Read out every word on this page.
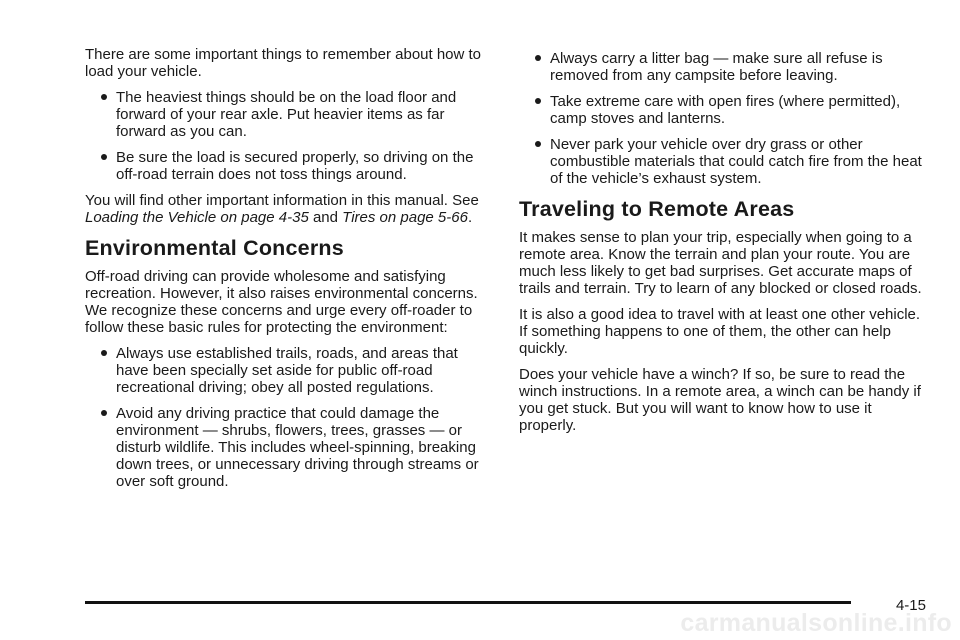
There are some important things to remember about how to load your vehicle.

The heaviest things should be on the load floor and forward of your rear axle. Put heavier items as far forward as you can.
Be sure the load is secured properly, so driving on the off-road terrain does not toss things around.

You will find other important information in this manual. See Loading the Vehicle on page 4-35 and Tires on page 5-66.

Environmental Concerns

Off-road driving can provide wholesome and satisfying recreation. However, it also raises environmental concerns. We recognize these concerns and urge every off-roader to follow these basic rules for protecting the environment:

Always use established trails, roads, and areas that have been specially set aside for public off-road recreational driving; obey all posted regulations.
Avoid any driving practice that could damage the environment — shrubs, flowers, trees, grasses — or disturb wildlife. This includes wheel-spinning, breaking down trees, or unnecessary driving through streams or over soft ground.
Always carry a litter bag — make sure all refuse is removed from any campsite before leaving.
Take extreme care with open fires (where permitted), camp stoves and lanterns.
Never park your vehicle over dry grass or other combustible materials that could catch fire from the heat of the vehicle’s exhaust system.
Traveling to Remote Areas

It makes sense to plan your trip, especially when going to a remote area. Know the terrain and plan your route. You are much less likely to get bad surprises. Get accurate maps of trails and terrain. Try to learn of any blocked or closed roads.

It is also a good idea to travel with at least one other vehicle. If something happens to one of them, the other can help quickly.

Does your vehicle have a winch? If so, be sure to read the winch instructions. In a remote area, a winch can be handy if you get stuck. But you will want to know how to use it properly.

4-15
carmanualsonline.info
